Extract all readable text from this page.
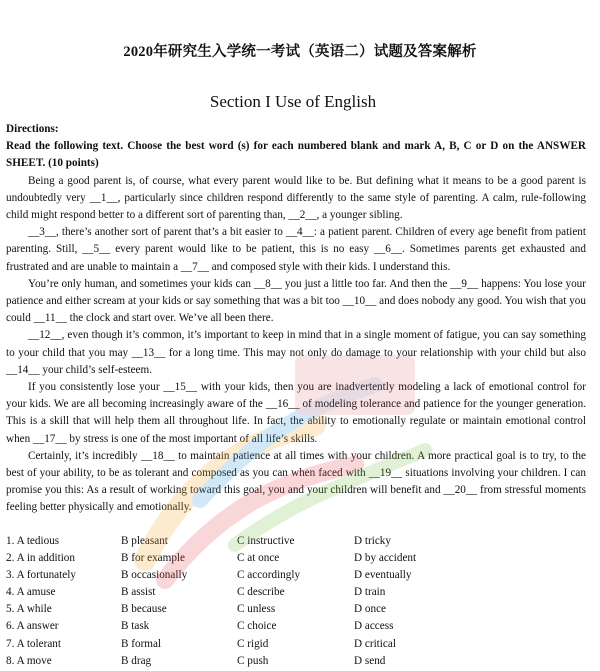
2020年研究生入学统一考试（英语二）试题及答案解析
Section I Use of English

Directions:

Read the following text. Choose the best word (s) for each numbered blank and mark A, B, C or D on the ANSWER SHEET. (10 points)

Being a good parent is, of course, what every parent would like to be. But defining what it means to be a good parent is undoubtedly very __1__, particularly since children respond differently to the same style of parenting. A calm, rule-following child might respond better to a different sort of parenting than, __2__, a younger sibling.

__3__, there’s another sort of parent that’s a bit easier to __4__: a patient parent. Children of every age benefit from patient parenting. Still, __5__ every parent would like to be patient, this is no easy __6__. Sometimes parents get exhausted and frustrated and are unable to maintain a __7__ and composed style with their kids. I understand this.

You’re only human, and sometimes your kids can __8__ you just a little too far. And then the __9__ happens: You lose your patience and either scream at your kids or say something that was a bit too __10__ and does nobody any good. You wish that you could __11__ the clock and start over. We’ve all been there.

__12__, even though it’s common, it’s important to keep in mind that in a single moment of fatigue, you can say something to your child that you may __13__ for a long time. This may not only do damage to your relationship with your child but also __14__ your child’s self-esteem.

If you consistently lose your __15__ with your kids, then you are inadvertently modeling a lack of emotional control for your kids. We are all becoming increasingly aware of the __16__ of modeling tolerance and patience for the younger generation. This is a skill that will help them all throughout life. In fact, the ability to emotionally regulate or maintain emotional control when __17__ by stress is one of the most important of all life’s skills.

Certainly, it’s incredibly __18__ to maintain patience at all times with your children. A more practical goal is to try, to the best of your ability, to be as tolerant and composed as you can when faced with __19__ situations involving your children. I can promise you this: As a result of working toward this goal, you and your children will benefit and __20__ from stressful moments feeling better physically and emotionally.

1. A tedious	B pleasant	C instructive	D tricky
2. A in addition	B for example	C at once	D by accident
3. A fortunately	B occasionally	C accordingly	D eventually
4. A amuse	B assist	C describe	D train
5. A while	B because	C unless	D once
6. A answer	B task	C choice	D access
7. A tolerant	B formal	C rigid	D critical
8. A move	B drag	C push	D send
